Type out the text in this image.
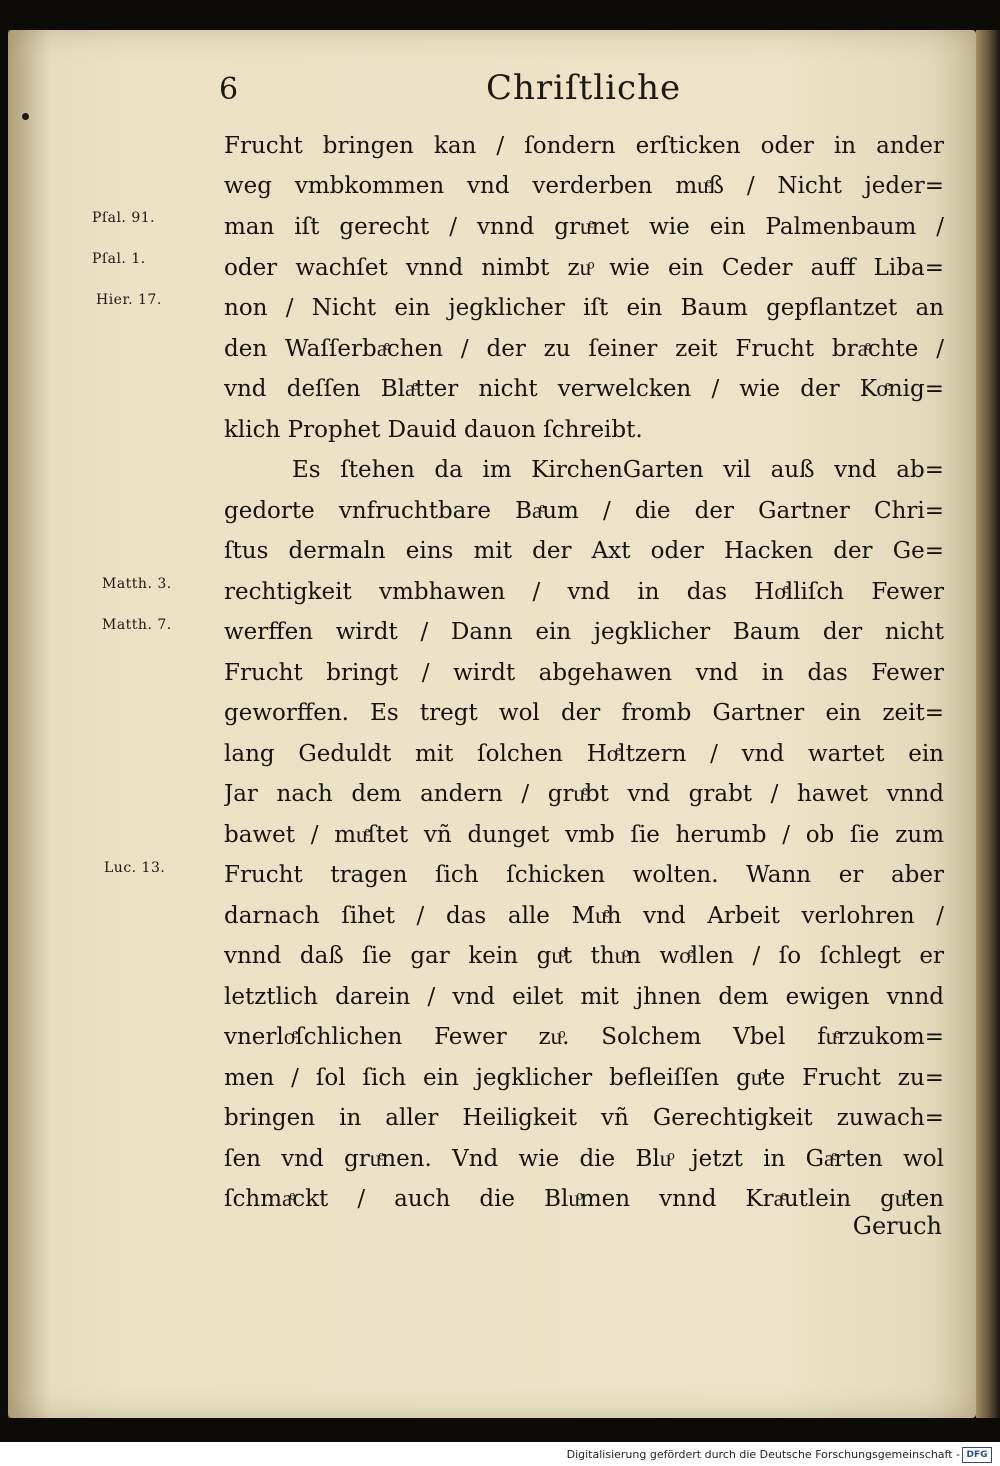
6	Chriſtliche
Pſal. 91.
Pſal. 1.
Hier. 17.
Matth. 3.
Matth. 7.
Luc. 13.
Frucht bringen kan / ſondern erſticken oder in ander
weg vmbkommen vnd verderben muͤß / Nicht jeder=
man iſt gerecht / vnnd gruͤnet wie ein Palmenbaum /
oder wachſet vnnd nimbt zuͦ wie ein Ceder auff Liba=
non / Nicht ein jegklicher iſt ein Baum gepflantzet an
den Waſſerbaͤchen / der zu ſeiner zeit Frucht braͤchte /
vnd deſſen Blaͤtter nicht verwelcken / wie der Koͤnig=
klich Prophet Dauid dauon ſchreibt.
Es ſtehen da im KirchenGarten vil auß vnd ab=
gedorte vnfruchtbare Baͤum / die der Gartner Chri=
ſtus dermaln eins mit der Axt oder Hacken der Ge=
rechtigkeit vmbhawen / vnd in das Hoͤlliſch Fewer
werffen wirdt / Dann ein jegklicher Baum der nicht
Frucht bringt / wirdt abgehawen vnd in das Fewer
geworffen. Es tregt wol der fromb Gartner ein zeit=
lang Geduldt mit ſolchen Hoͤltzern / vnd wartet ein
Jar nach dem andern / gruͤbt vnd grabt / hawet vnnd
bawet / muͤſtet vñ dunget vmb ſie herumb / ob ſie zum
Frucht tragen ſich ſchicken wolten. Wann er aber
darnach ſihet / das alle Muͤh vnd Arbeit verlohren /
vnnd daß ſie gar kein guͦt thuͦn woͤllen / ſo ſchlegt er
letztlich darein / vnd eilet mit jhnen dem ewigen vnnd
vnerloͤſchlichen Fewer zuͦ. Solchem Vbel fuͤrzukom=
men / ſol ſich ein jegklicher befleiſſen guͦte Frucht zu=
bringen in aller Heiligkeit vñ Gerechtigkeit zuwach=
ſen vnd gruͤnen. Vnd wie die Bluͦ jetzt in Gaͤrten wol
ſchmaͤckt / auch die Bluͦmen vnnd Kraͤutlein guͦten
Geruch
Digitalisierung gefördert durch die Deutsche Forschungsgemeinschaft - DFG
